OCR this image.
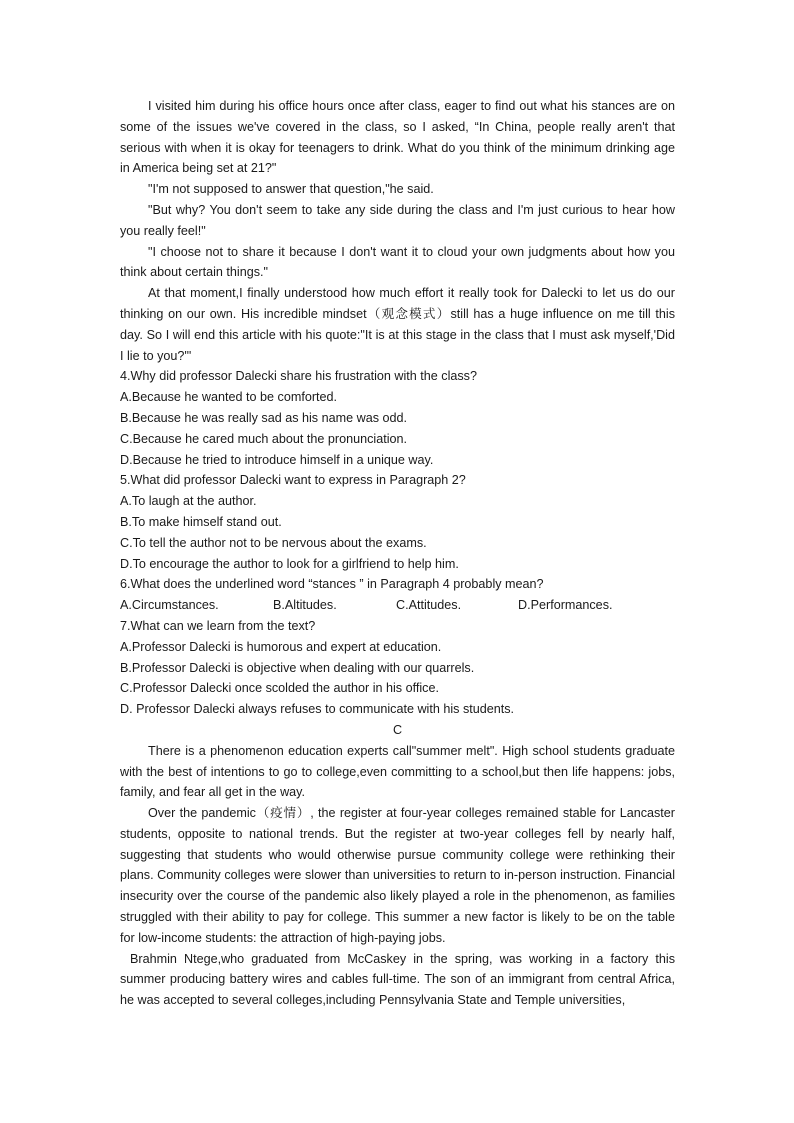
I visited him during his office hours once after class, eager to find out what his stances are on some of the issues we've covered in the class, so I asked, “In China, people really aren't that serious with when it is okay for teenagers to drink. What do you think of the minimum drinking age in America being set at 21?"

"I'm not supposed to answer that question,"he said.

"But why? You don't seem to take any side during the class and I'm just curious to hear how you really feel!"

"I choose not to share it because I don't want it to cloud your own judgments about how you think about certain things."

At that moment,I finally understood how much effort it really took for Dalecki to let us do our thinking on our own. His incredible mindset（观念模式）still has a huge influence on me till this day. So I will end this article with his quote:"It is at this stage in the class that I must ask myself,'Did I lie to you?'"

4.Why did professor Dalecki share his frustration with the class?

A.Because he wanted to be comforted.

B.Because he was really sad as his name was odd.

C.Because he cared much about the pronunciation.

D.Because he tried to introduce himself in a unique way.

5.What did professor Dalecki want to express in Paragraph 2?

A.To laugh at the author.

B.To make himself stand out.

C.To tell the author not to be nervous about the exams.

D.To encourage the author to look for a girlfriend to help him.

6.What does the underlined word “stances ” in Paragraph 4 probably mean?

A.Circumstances.	B.Altitudes.	C.Attitudes.	D.Performances.

7.What can we learn from the text?

A.Professor Dalecki is humorous and expert at education.

B.Professor Dalecki is objective when dealing with our quarrels.

C.Professor Dalecki once scolded the author in his office.

D. Professor Dalecki always refuses to communicate with his students.

C

There is a phenomenon education experts call"summer melt". High school students graduate with the best of intentions to go to college,even committing to a school,but then life happens: jobs, family, and fear all get in the way.

Over the pandemic（疫情）, the register at four-year colleges remained stable for Lancaster students, opposite to national trends. But the register at two-year colleges fell by nearly half, suggesting that students who would otherwise pursue community college were rethinking their plans. Community colleges were slower than universities to return to in-person instruction. Financial insecurity over the course of the pandemic also likely played a role in the phenomenon, as families struggled with their ability to pay for college. This summer a new factor is likely to be on the table for low-income students: the attraction of high-paying jobs.

Brahmin Ntege,who graduated from McCaskey in the spring, was working in a factory this summer producing battery wires and cables full-time. The son of an immigrant from central Africa, he was accepted to several colleges,including Pennsylvania State and Temple universities,
